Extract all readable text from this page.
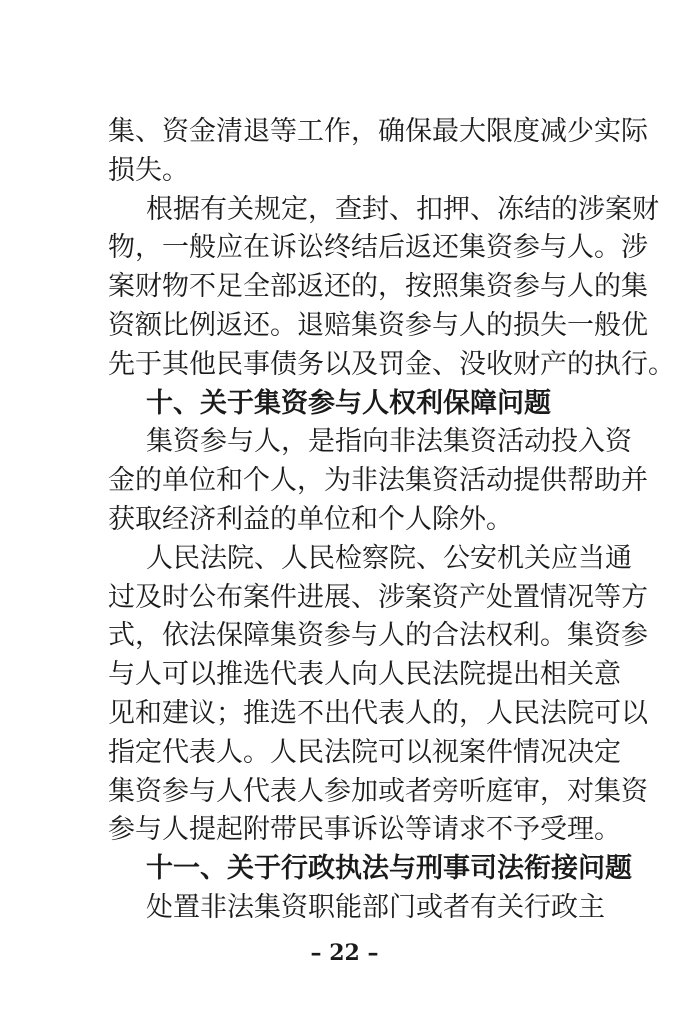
集、资金清退等工作，确保最大限度减少实际
损失。
根据有关规定，查封、扣押、冻结的涉案财
物，一般应在诉讼终结后返还集资参与人。涉
案财物不足全部返还的，按照集资参与人的集
资额比例返还。退赔集资参与人的损失一般优
先于其他民事债务以及罚金、没收财产的执行。
十、关于集资参与人权利保障问题
集资参与人，是指向非法集资活动投入资
金的单位和个人，为非法集资活动提供帮助并
获取经济利益的单位和个人除外。
人民法院、人民检察院、公安机关应当通
过及时公布案件进展、涉案资产处置情况等方
式，依法保障集资参与人的合法权利。集资参
与人可以推选代表人向人民法院提出相关意
见和建议；推选不出代表人的，人民法院可以
指定代表人。人民法院可以视案件情况决定
集资参与人代表人参加或者旁听庭审，对集资
参与人提起附带民事诉讼等请求不予受理。
– 22 –
十一、关于行政执法与刑事司法衔接问题
处置非法集资职能部门或者有关行政主
